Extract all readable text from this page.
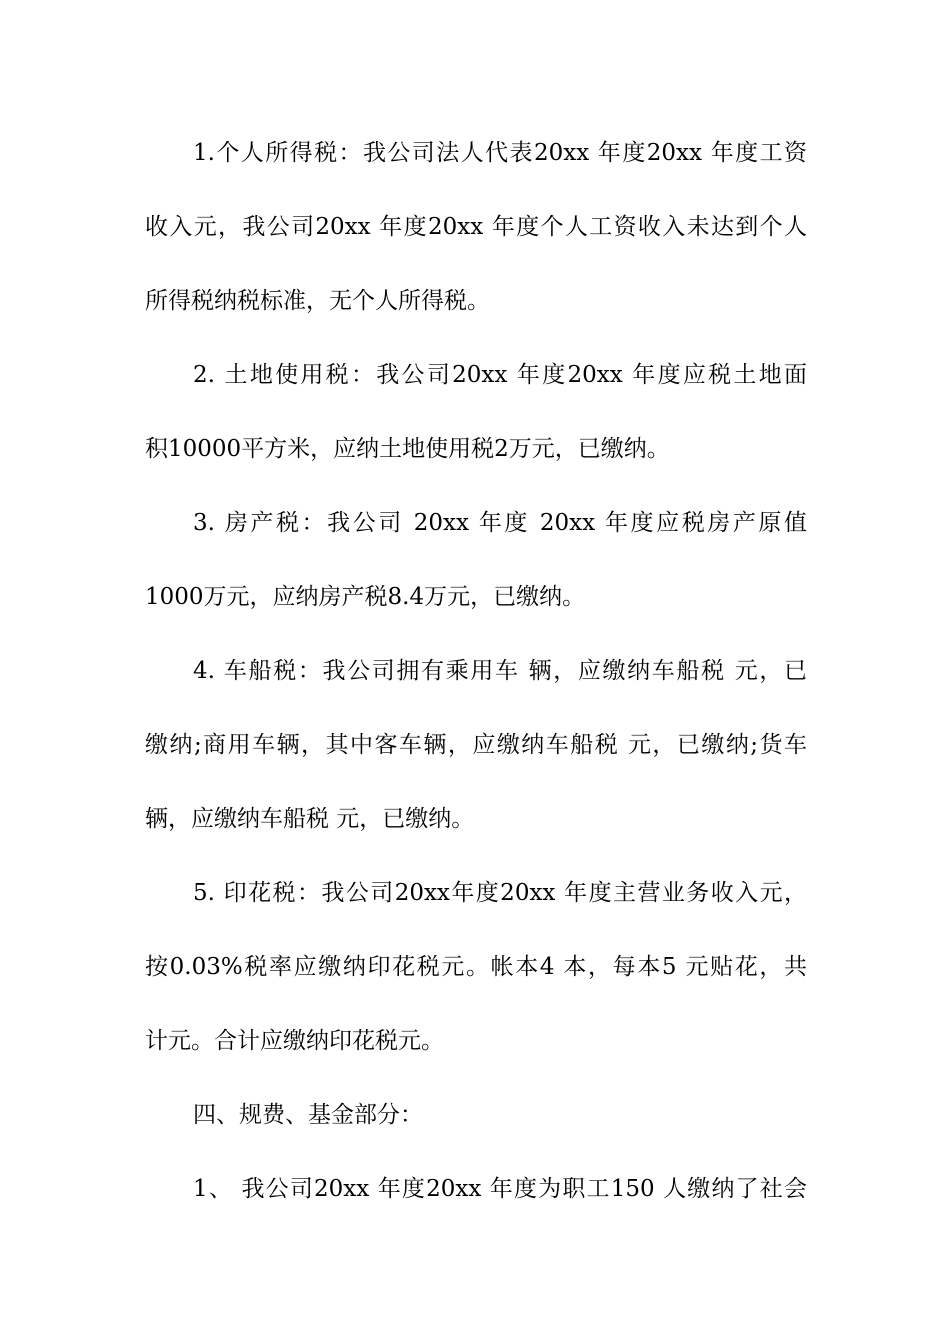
1.个人所得税：我公司法人代表20xx 年度20xx 年度工资
收入元，我公司20xx 年度20xx 年度个人工资收入未达到个人
所得税纳税标准，无个人所得税。
2. 土地使用税：我公司20xx 年度20xx 年度应税土地面
积10000平方米，应纳土地使用税2万元，已缴纳。
3. 房产税：我公司 20xx 年度 20xx 年度应税房产原值
1000万元，应纳房产税8.4万元，已缴纳。
4. 车船税：我公司拥有乘用车 辆，应缴纳车船税 元，已
缴纳;商用车辆，其中客车辆，应缴纳车船税 元，已缴纳;货车
辆，应缴纳车船税 元，已缴纳。
5. 印花税：我公司20xx年度20xx 年度主营业务收入元，
按0.03%税率应缴纳印花税元。帐本4 本，每本5 元贴花，共
计元。合计应缴纳印花税元。
四、规费、基金部分：
1、 我公司20xx 年度20xx 年度为职工150 人缴纳了社会
